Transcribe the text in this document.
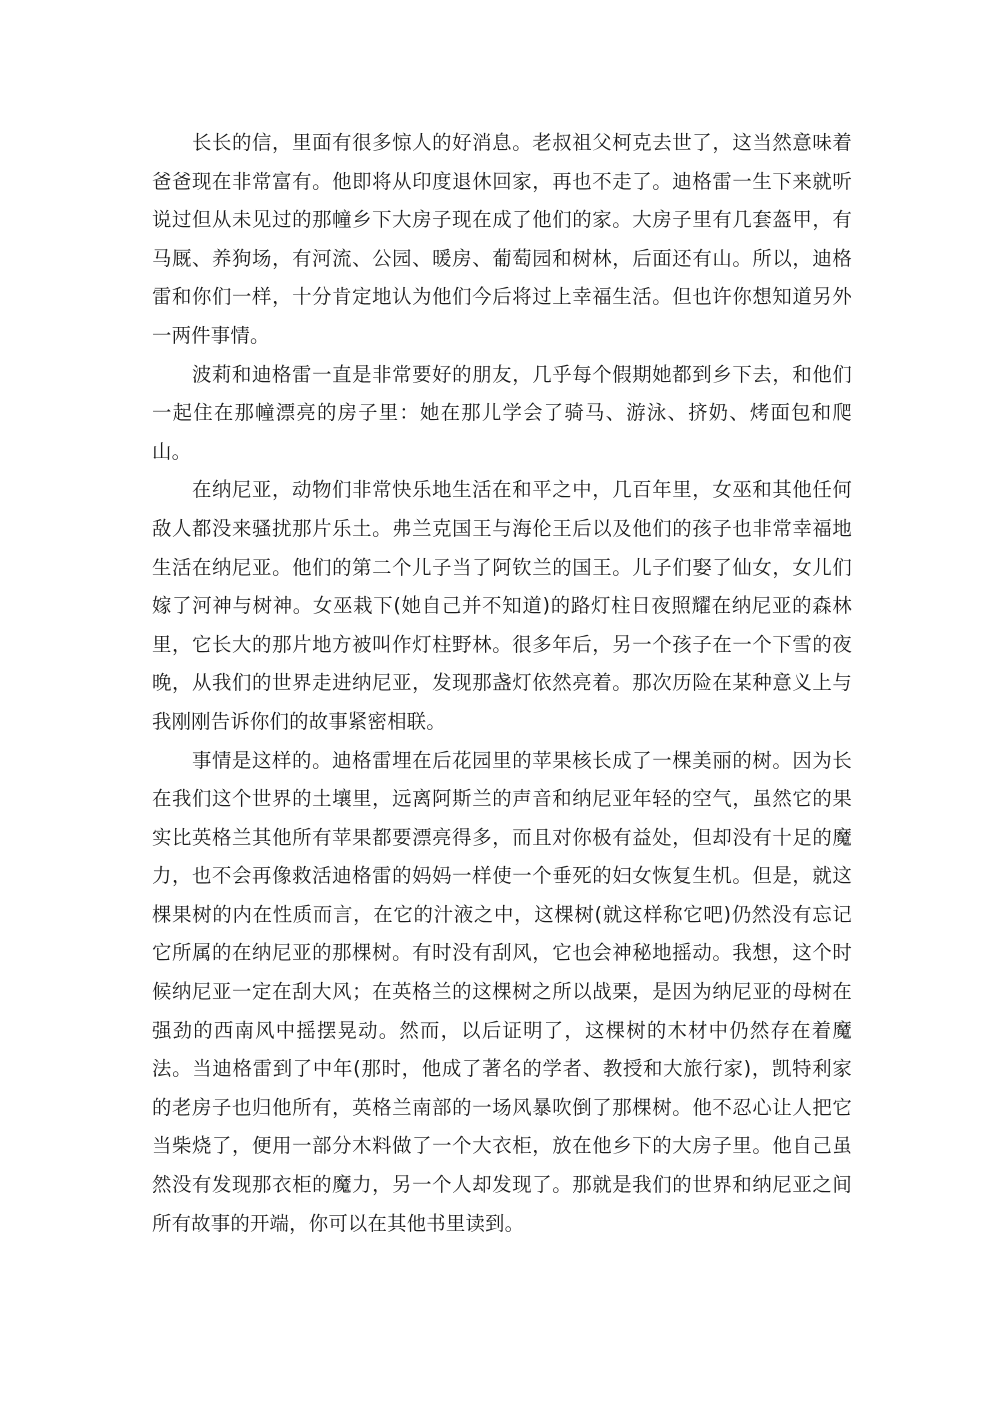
长长的信，里面有很多惊人的好消息。老叔祖父柯克去世了，这当然意味着爸爸现在非常富有。他即将从印度退休回家，再也不走了。迪格雷一生下来就听说过但从未见过的那幢乡下大房子现在成了他们的家。大房子里有几套盔甲，有马厩、养狗场，有河流、公园、暖房、葡萄园和树林，后面还有山。所以，迪格雷和你们一样，十分肯定地认为他们今后将过上幸福生活。但也许你想知道另外一两件事情。

波莉和迪格雷一直是非常要好的朋友，几乎每个假期她都到乡下去，和他们一起住在那幢漂亮的房子里：她在那儿学会了骑马、游泳、挤奶、烤面包和爬山。

在纳尼亚，动物们非常快乐地生活在和平之中，几百年里，女巫和其他任何敌人都没来骚扰那片乐土。弗兰克国王与海伦王后以及他们的孩子也非常幸福地生活在纳尼亚。他们的第二个儿子当了阿钦兰的国王。儿子们娶了仙女，女儿们嫁了河神与树神。女巫栽下(她自己并不知道)的路灯柱日夜照耀在纳尼亚的森林里，它长大的那片地方被叫作灯柱野林。很多年后，另一个孩子在一个下雪的夜晚，从我们的世界走进纳尼亚，发现那盏灯依然亮着。那次历险在某种意义上与我刚刚告诉你们的故事紧密相联。

事情是这样的。迪格雷埋在后花园里的苹果核长成了一棵美丽的树。因为长在我们这个世界的土壤里，远离阿斯兰的声音和纳尼亚年轻的空气，虽然它的果实比英格兰其他所有苹果都要漂亮得多，而且对你极有益处，但却没有十足的魔力，也不会再像救活迪格雷的妈妈一样使一个垂死的妇女恢复生机。但是，就这棵果树的内在性质而言，在它的汁液之中，这棵树(就这样称它吧)仍然没有忘记它所属的在纳尼亚的那棵树。有时没有刮风，它也会神秘地摇动。我想，这个时候纳尼亚一定在刮大风；在英格兰的这棵树之所以战栗，是因为纳尼亚的母树在强劲的西南风中摇摆晃动。然而，以后证明了，这棵树的木材中仍然存在着魔法。当迪格雷到了中年(那时，他成了著名的学者、教授和大旅行家)，凯特利家的老房子也归他所有，英格兰南部的一场风暴吹倒了那棵树。他不忍心让人把它当柴烧了，便用一部分木料做了一个大衣柜，放在他乡下的大房子里。他自己虽然没有发现那衣柜的魔力，另一个人却发现了。那就是我们的世界和纳尼亚之间所有故事的开端，你可以在其他书里读到。
